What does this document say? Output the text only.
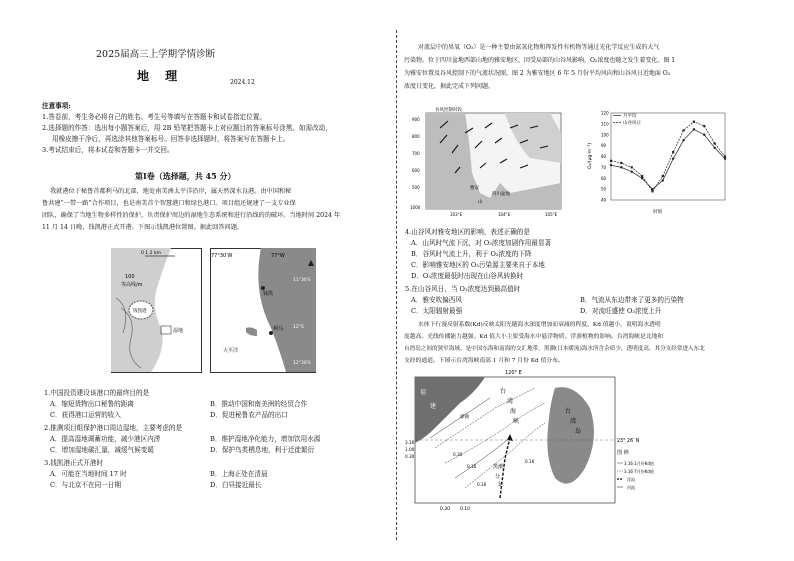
2025届高三上学期学情诊断
地 理	2024.12
注意事项:
1.答卷前，考生务必将自己的姓名、考生号等填写在答题卡和试卷指定位置。
2.选择题的作答：选出每小题答案后，用 2B 铅笔把答题卡上对应题目的答案标号涂黑。如需改动，
用橡皮擦干净后，再选涂其他答案标号。回答非选择题时，将答案写在答题卡上。
3.考试结束后，将本试卷和答题卡一并交回。
第Ⅰ卷（选择题，共 45 分）
我就港位于秘鲁首都利马的北部，地处南美洲太平洋沿岸，属天然深水良港。由中国和秘
鲁共建“一带一路”合作项目，也是南美首个智慧港口和绿色港口。项目组还规建了一支专业保
团队，确保了当地生物多样性的保护，负责保护周边的湿地生态系统和进行沿线的的破坏。当地时间 2024 年
11 月 14 日晚，钱凯港正式开港。下图示钱凯港位置图。据此回答问题。
0 1 2 km
100
等高线/m
钱凯港
湿地
77°30′W	77°W
11°30′S
12°S
12°30′S
钱凯
利马
大平洋
1.中国投资建设该港口的最终目的是
A．缩短货物出口秘鲁的距离	B．推动中国和南美洲的经贸合作
C．获得港口运营的收入	D．促进秘鲁农产品的出口
2.推测项目组保护港口周边湿地，主要考虑的是
A．提高湿地调蓄功能，减少港区内涝	B．维护湿地净化能力，增加饮用水源
C．增加湿地碳汇量，减缓气候变暖	D．保护鸟类栖息地，利于迁徙繁衍
3.钱凯港正式开港时
A．可能在当地时间 17 时	B．上海正处在清晨
C．与北京不在同一日期	D．白昼接近最长
对流层中的臭氧（O₃）是一种主要由氮氧化物和挥发性有机物等通过光化学反应生成的大气
污染物。位于四川盆地西部山地的雅安地区，因受局部的山谷风影响，O₃浓度也随之发生着变化。图 1
为雅安位置及谷风控制下的气流状况图，图 2 为雅安地区 6 年 5 月份平均风向和山谷风日近地面 O₃
浓度日变化，据此完成下列问题。
谷风控制时段
900
800
700
600
500
1000
103°E	104°E	105°E
雅安
四川盆地
山
月平均
山谷风日
O₃/(μg·m⁻³)
时刻
120
110
100
90
80
70
60
50
40
4.山谷风对雅安地区的影响，表述正确的是
A．山风时气流下沉，对 O₃浓度加剧作用最显著
B．谷风时气流上升，利于 O₃浓度的下降
C．影响雅安地区的 O₃污染源主要来自于本地
D．O₃浓度最低时出现在山谷风转换时
5.在山谷风日，当 O₃浓度达到最高值时
A．雅安吹偏西风	B．气流从东边带来了更多的污染物
C．太阳辐射最强	D．对流旺盛使 O₃浓度上升
水体下行漫反射系数(Kd)反映太阳光随海水深度增加而衰减的程度，Kd 值越小，说明海水透明
度越高。光线传播能力越强。Kd 值大小主要受海水中悬浮物质、浮游植物的影响。台湾海峡是北地和
台湾岛之间的狭窄海域，是中国东海和南海的交汇地带。黑潮(日本暖流)海水所含杂质少，透明度高，其分支经常进入东北
支经的通道。下图示台湾海峡南部 1 月和 7 月份 Kd 值分布。
120° E
福
建
台
湾
海
峡
台
湾
岛
澎湖
黑潮
分
支
3.16
1.00
0.30	0.30
0.16
0.16
0.16
0.30 0.10
23° 26′ N
图 例
3.16 1月份Kd值
3.16 7月份Kd值
洋流
河流
